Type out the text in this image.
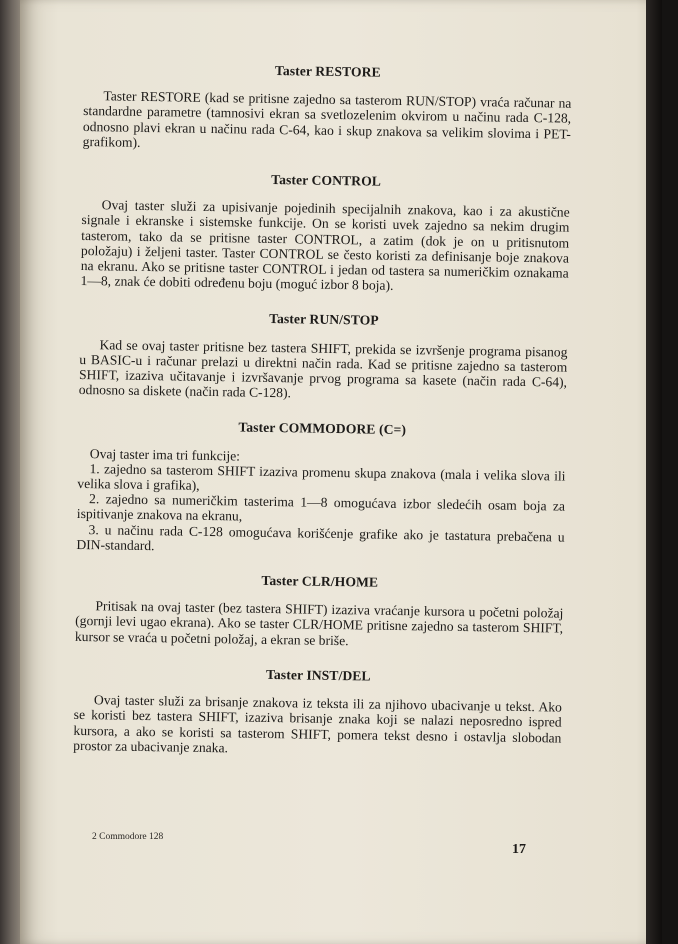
Taster RESTORE

Taster RESTORE (kad se pritisne zajedno sa tasterom RUN/STOP) vraća računar na standardne parametre (tamnosivi ekran sa svetlozelenim okvirom u načinu rada C-128, odnosno plavi ekran u načinu rada C-64, kao i skup znakova sa velikim slovima i PET-grafikom).

Taster CONTROL

Ovaj taster služi za upisivanje pojedinih specijalnih znakova, kao i za akustične signale i ekranske i sistemske funkcije. On se koristi uvek zajedno sa nekim drugim tasterom, tako da se pritisne taster CONTROL, a zatim (dok je on u pritisnutom položaju) i željeni taster. Taster CONTROL se često koristi za definisanje boje znakova na ekranu. Ako se pritisne taster CONTROL i jedan od tastera sa numeričkim oznakama 1—8, znak će dobiti određenu boju (moguć izbor 8 boja).

Taster RUN/STOP

Kad se ovaj taster pritisne bez tastera SHIFT, prekida se izvršenje programa pisanog u BASIC-u i računar prelazi u direktni način rada. Kad se pritisne zajedno sa tasterom SHIFT, izaziva učitavanje i izvršavanje prvog programa sa kasete (način rada C-64), odnosno sa diskete (način rada C-128).

Taster COMMODORE (C=)

Ovaj taster ima tri funkcije:

1. zajedno sa tasterom SHIFT izaziva promenu skupa znakova (mala i velika slova ili velika slova i grafika),

2. zajedno sa numeričkim tasterima 1—8 omogućava izbor sledećih osam boja za ispitivanje znakova na ekranu,

3. u načinu rada C-128 omogućava korišćenje grafike ako je tastatura prebačena u DIN-standard.

Taster CLR/HOME

Pritisak na ovaj taster (bez tastera SHIFT) izaziva vraćanje kursora u početni položaj (gornji levi ugao ekrana). Ako se taster CLR/HOME pritisne zajedno sa tasterom SHIFT, kursor se vraća u početni položaj, a ekran se briše.

Taster INST/DEL

Ovaj taster služi za brisanje znakova iz teksta ili za njihovo ubacivanje u tekst. Ako se koristi bez tastera SHIFT, izaziva brisanje znaka koji se nalazi neposredno ispred kursora, a ako se koristi sa tasterom SHIFT, pomera tekst desno i ostavlja slobodan prostor za ubacivanje znaka.

2 Commodore 128
17
